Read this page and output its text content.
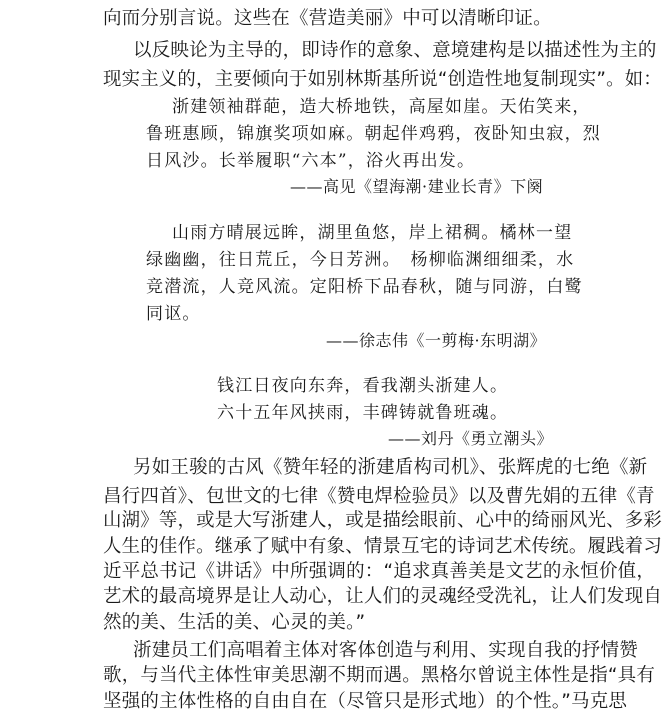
向而分别言说。这些在《营造美丽》中可以清晰印证。
以反映论为主导的，即诗作的意象、意境建构是以描述性为主的
现实主义的，主要倾向于如别林斯基所说“创造性地复制现实”。如：
浙建领袖群葩，造大桥地铁，高屋如崖。天佑笑来，
鲁班惠顾，锦旗奖项如麻。朝起伴鸡鸦，夜卧知虫寂，烈
日风沙。长举履职“六本”，浴火再出发。
——高见《望海潮·建业长青》下阕
山雨方晴展远眸，湖里鱼悠，岸上裙稠。橘林一望
绿幽幽，往日荒丘，今日芳洲。　杨柳临渊细细柔，水
竞潜流，人竞风流。定阳桥下品春秋，随与同游，白鹭
同讴。
——徐志伟《一剪梅·东明湖》
钱江日夜向东奔，看我潮头浙建人。
六十五年风挟雨，丰碑铸就鲁班魂。
——刘丹《勇立潮头》
另如王骏的古风《赞年轻的浙建盾构司机》、张辉虎的七绝《新
昌行四首》、包世文的七律《赞电焊检验员》以及曹先娟的五律《青
山湖》等，或是大写浙建人，或是描绘眼前、心中的绮丽风光、多彩
人生的佳作。继承了赋中有象、情景互宅的诗词艺术传统。履践着习
近平总书记《讲话》中所强调的：“追求真善美是文艺的永恒价值，
艺术的最高境界是让人动心，让人们的灵魂经受洗礼，让人们发现自
然的美、生活的美、心灵的美。”
浙建员工们高唱着主体对客体创造与利用、实现自我的抒情赞
歌，与当代主体性审美思潮不期而遇。黑格尔曾说主体性是指“具有
坚强的主体性格的自由自在（尽管只是形式地）的个性。”马克思
